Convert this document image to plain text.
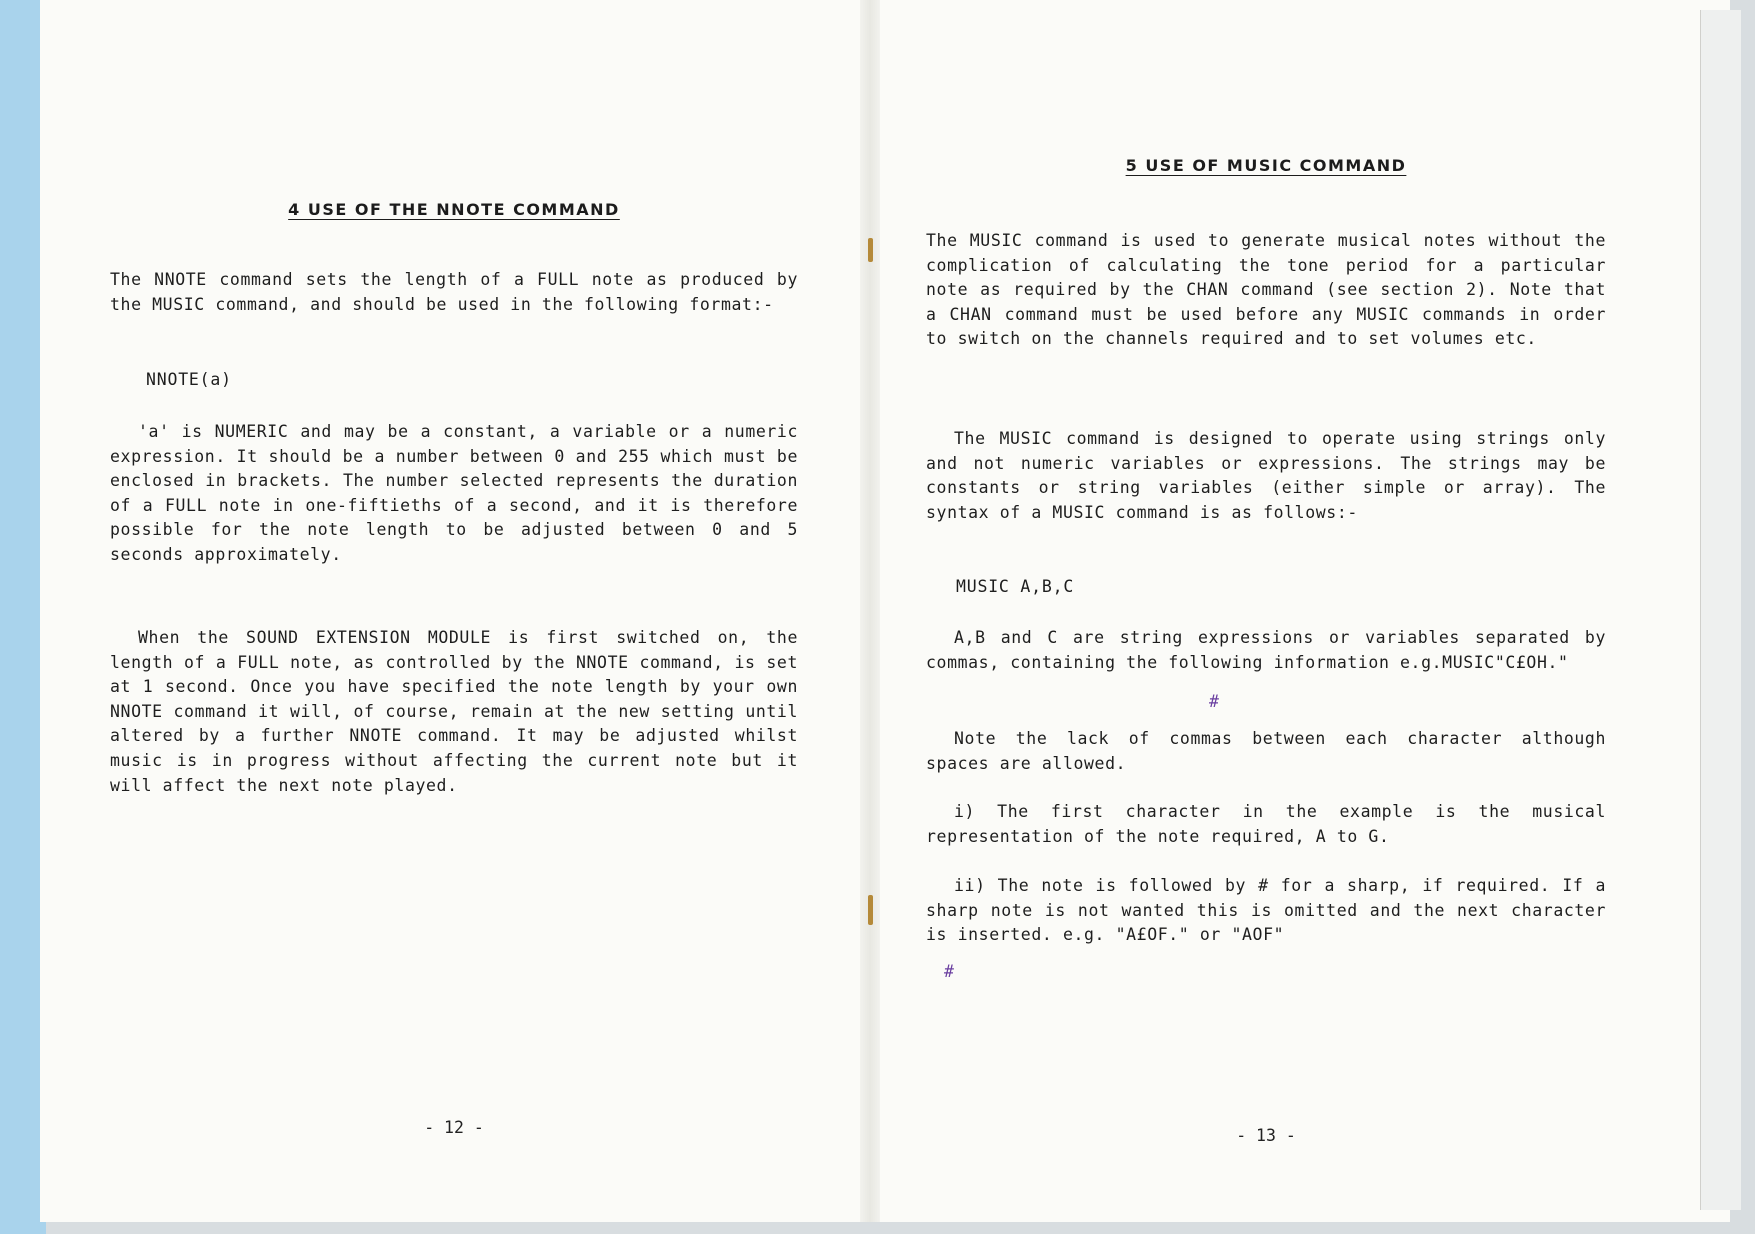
4 USE OF THE NNOTE COMMAND

The NNOTE command sets the length of a FULL note as produced by the MUSIC command, and should be used in the following format:-

NNOTE(a)

'a' is NUMERIC and may be a constant, a variable or a numeric expression. It should be a number between 0 and 255 which must be enclosed in brackets. The number selected represents the duration of a FULL note in one-fiftieths of a second, and it is therefore possible for the note length to be adjusted between 0 and 5 seconds approximately.

When the SOUND EXTENSION MODULE is first switched on, the length of a FULL note, as controlled by the NNOTE command, is set at 1 second. Once you have specified the note length by your own NNOTE command it will, of course, remain at the new setting until altered by a further NNOTE command. It may be adjusted whilst music is in progress without affecting the current note but it will affect the next note played.

- 12 -

5 USE OF MUSIC COMMAND

The MUSIC command is used to generate musical notes without the complication of calculating the tone period for a particular note as required by the CHAN command (see section 2). Note that a CHAN command must be used before any MUSIC commands in order to switch on the channels required and to set volumes etc.

The MUSIC command is designed to operate using strings only and not numeric variables or expressions. The strings may be constants or string variables (either simple or array). The syntax of a MUSIC command is as follows:-

MUSIC A,B,C

A,B and C are string expressions or variables separated by commas, containing the following information e.g.MUSIC"C£OH."

#

Note the lack of commas between each character although spaces are allowed.

i) The first character in the example is the musical representation of the note required, A to G.

ii) The note is followed by # for a sharp, if required. If a sharp note is not wanted this is omitted and the next character is inserted. e.g. "A£OF." or "AOF"

#

- 13 -
